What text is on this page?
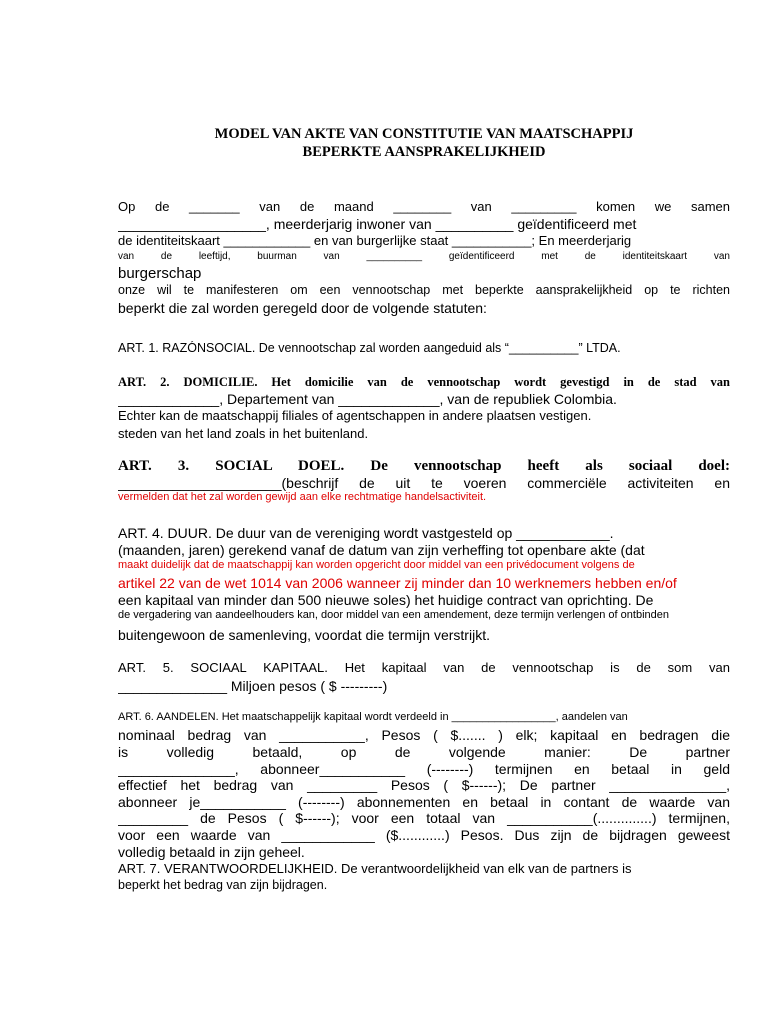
MODEL VAN AKTE VAN CONSTITUTIE VAN MAATSCHAPPIJ
BEPERKTE AANSPRAKELIJKHEID
Op de _______ van de maand ________ van _________ komen we samen
___________________, meerderjarig inwoner van __________ geïdentificeerd met
de identiteitskaart ____________ en van burgerlijke staat ___________; En meerderjarig
van de leeftijd, buurman van __________ geïdentificeerd met de identiteitskaart van
burgerschap
onze wil te manifesteren om een vennootschap met beperkte aansprakelijkheid op te richten
beperkt die zal worden geregeld door de volgende statuten:
ART. 1. RAZÓNSOCIAL. De vennootschap zal worden aangeduid als “__________” LTDA.
ART. 2. DOMICILIE. Het domicilie van de vennootschap wordt gevestigd in de stad van
_____________, Departement van _____________, van de republiek Colombia.
Echter kan de maatschappij filiales of agentschappen in andere plaatsen vestigen.
steden van het land zoals in het buitenland.
ART. 3. SOCIAL DOEL. De vennootschap heeft als sociaal doel:
_____________________(beschrijf de uit te voeren commerciële activiteiten en
vermelden dat het zal worden gewijd aan elke rechtmatige handelsactiviteit.
ART. 4. DUUR. De duur van de vereniging wordt vastgesteld op ____________.
(maanden, jaren) gerekend vanaf de datum van zijn verheffing tot openbare akte (dat
maakt duidelijk dat de maatschappij kan worden opgericht door middel van een privédocument volgens de
artikel 22 van de wet 1014 van 2006 wanneer zij minder dan 10 werknemers hebben en/of
een kapitaal van minder dan 500 nieuwe soles) het huidige contract van oprichting. De
de vergadering van aandeelhouders kan, door middel van een amendement, deze termijn verlengen of ontbinden
buitengewoon de samenleving, voordat die termijn verstrijkt.
ART. 5. SOCIAAL KAPITAAL. Het kapitaal van de vennootschap is de som van
______________ Miljoen pesos ( $ ---------)
ART. 6. AANDELEN. Het maatschappelijk kapitaal wordt verdeeld in _________________, aandelen van
nominaal bedrag van ___________, Pesos ( $....... ) elk; kapitaal en bedragen die
is volledig betaald, op de volgende manier: De partner
_______________, abonneer___________ (--------) termijnen en betaal in geld
effectief het bedrag van _________ Pesos ( $------); De partner _______________,
abonneer je___________ (--------) abonnementen en betaal in contant de waarde van
_________ de Pesos ( $------); voor een totaal van ___________(..............) termijnen,
voor een waarde van ____________ ($............) Pesos. Dus zijn de bijdragen geweest
volledig betaald in zijn geheel.
ART. 7. VERANTWOORDELIJKHEID. De verantwoordelijkheid van elk van de partners is
beperkt het bedrag van zijn bijdragen.
